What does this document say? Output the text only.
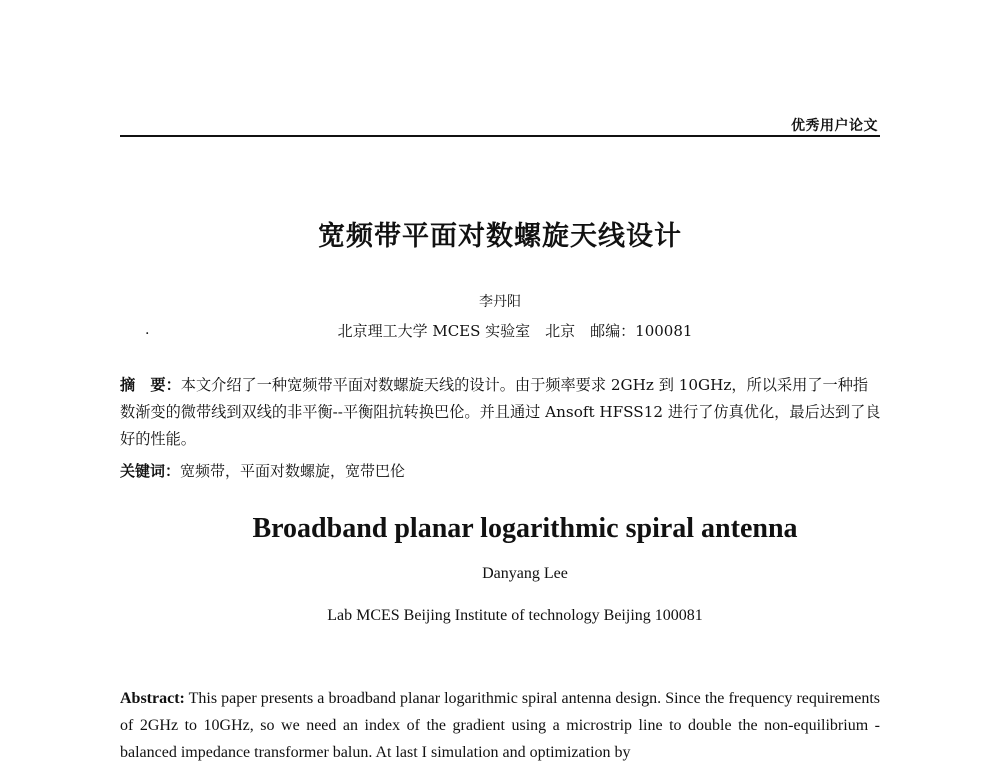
优秀用户论文
宽频带平面对数螺旋天线设计
李丹阳
.	北京理工大学 MCES 实验室　北京　邮编：100081
摘　要：本文介绍了一种宽频带平面对数螺旋天线的设计。由于频率要求 2GHz 到 10GHz，所以采用了一种指数渐变的微带线到双线的非平衡--平衡阻抗转换巴伦。并且通过 Ansoft HFSS12 进行了仿真优化，最后达到了良好的性能。
关键词：宽频带，平面对数螺旋，宽带巴伦
Broadband planar logarithmic spiral antenna
Danyang Lee
Lab MCES Beijing Institute of technology Beijing 100081
Abstract: This paper presents a broadband planar logarithmic spiral antenna design. Since the frequency requirements of 2GHz to 10GHz, so we need an index of the gradient using a microstrip line to double the non-equilibrium - balanced impedance transformer balun. At last I simulation and optimization by
